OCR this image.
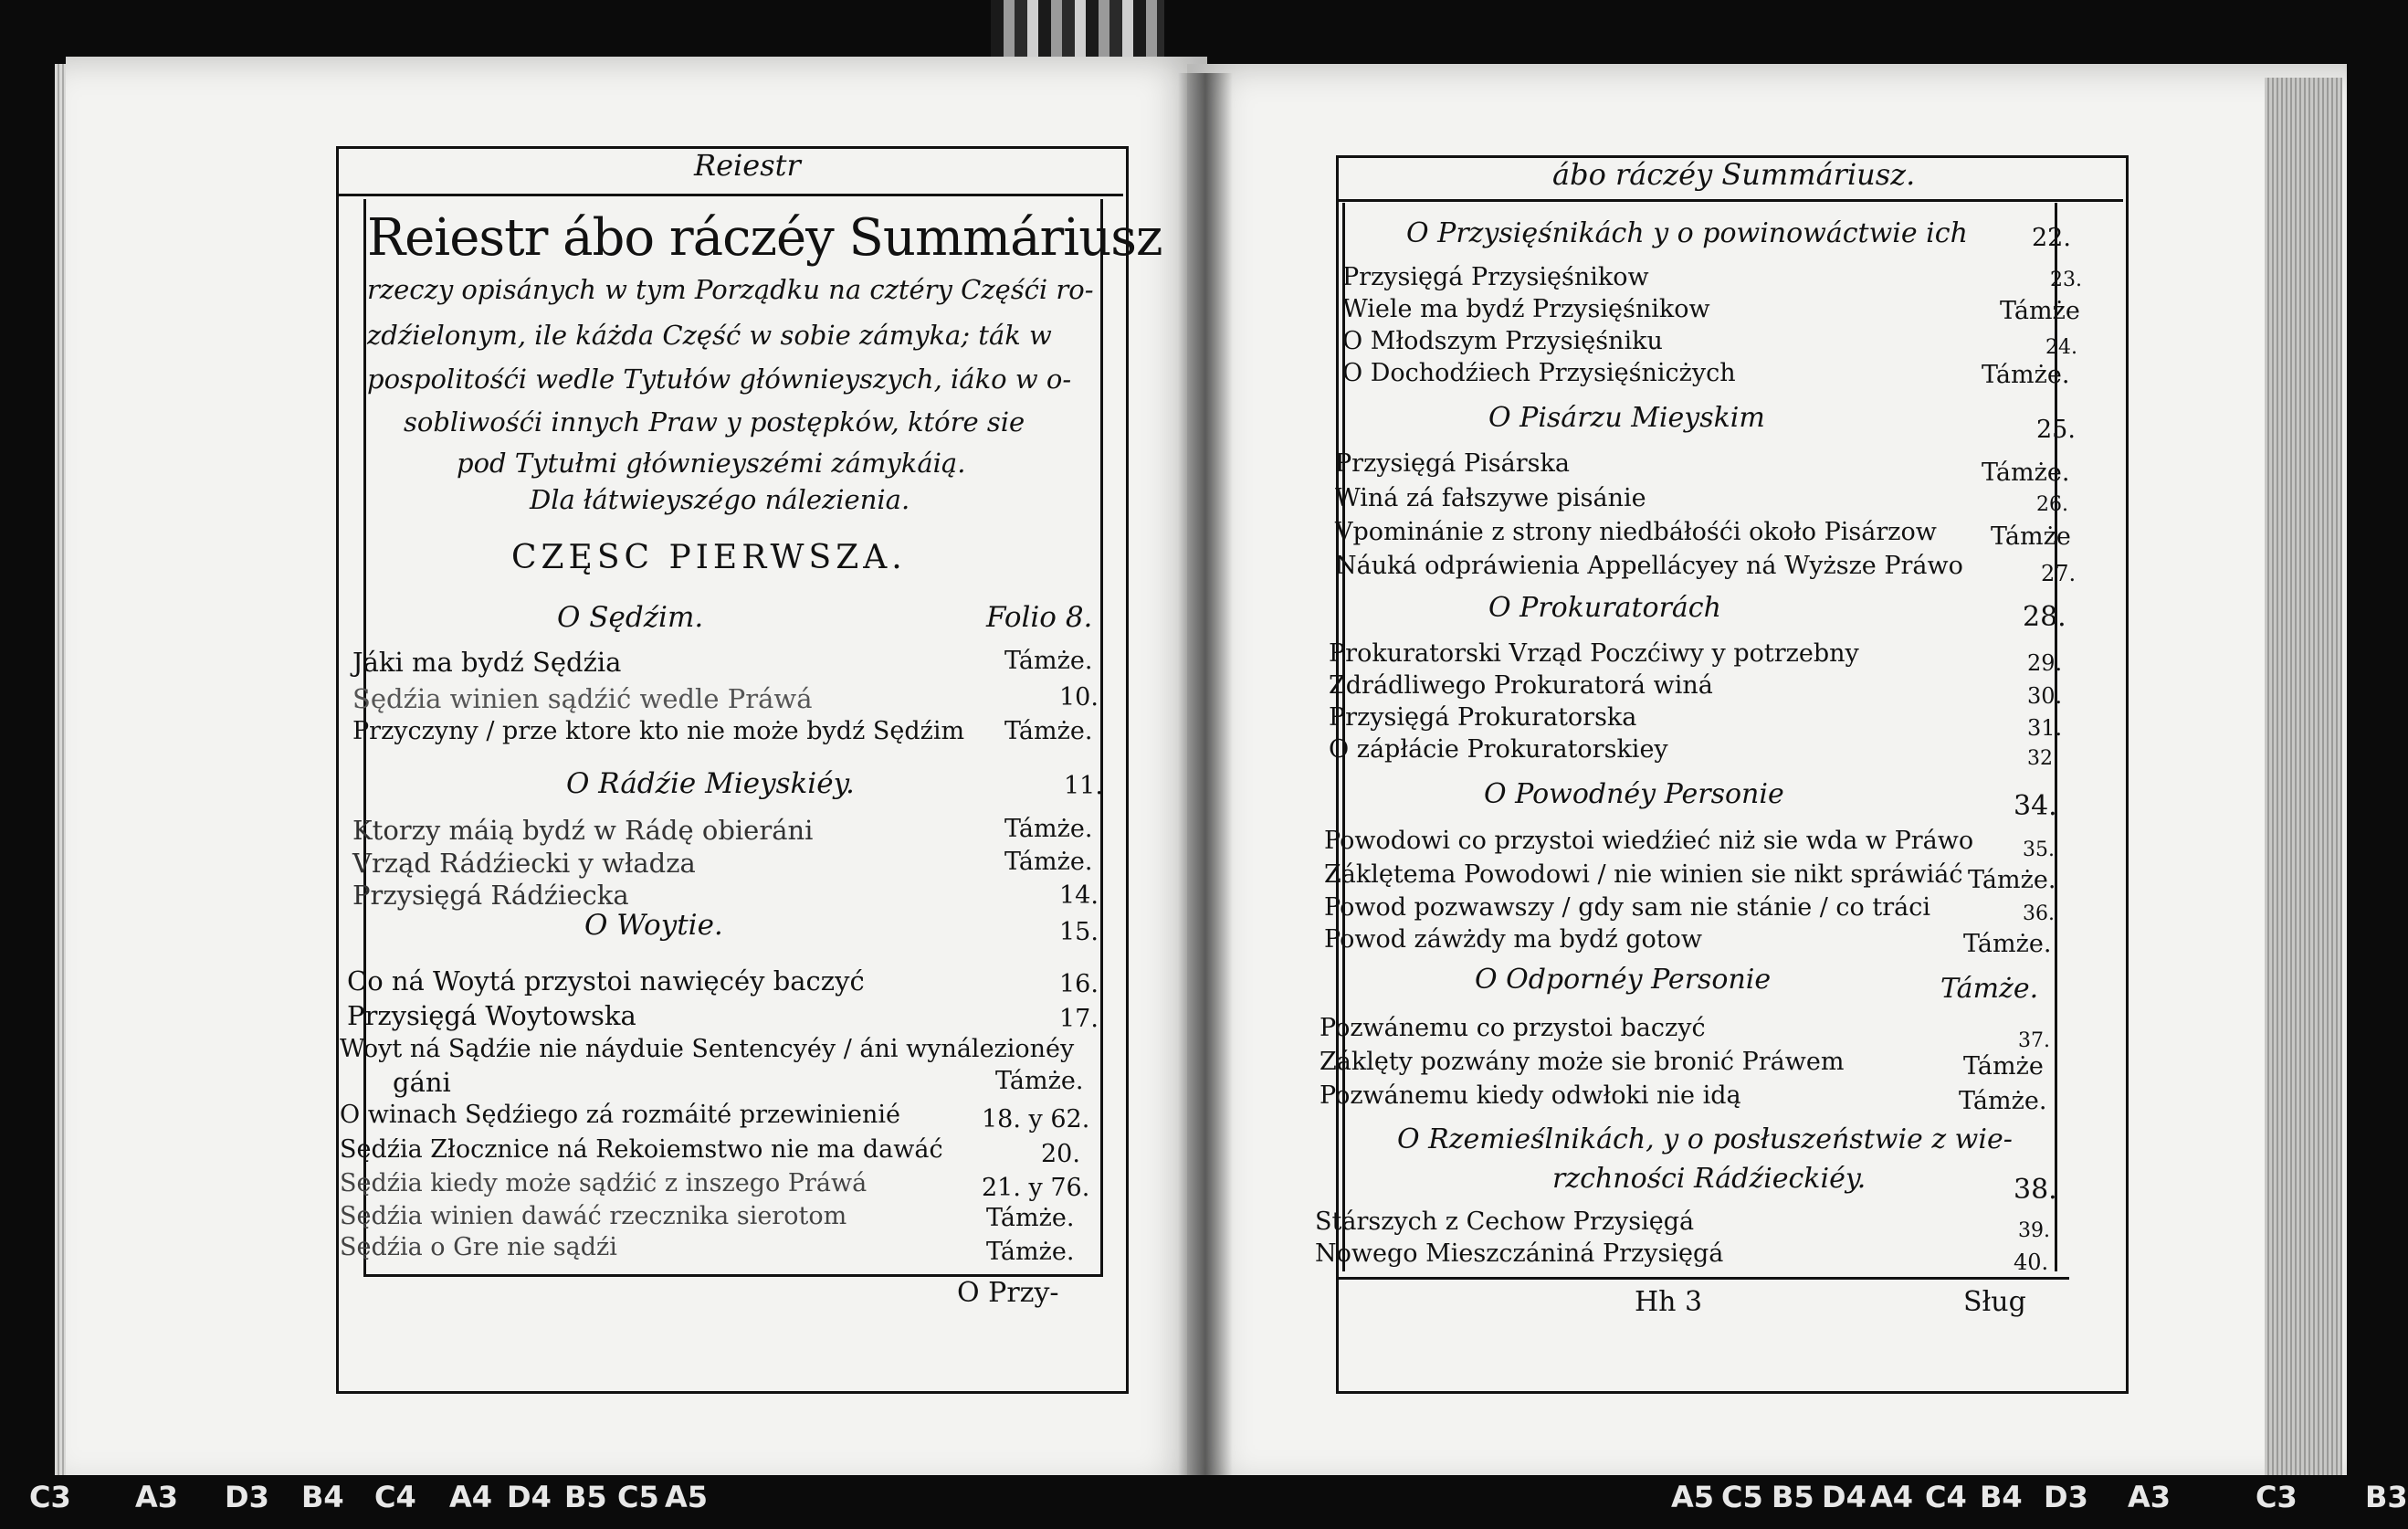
Reiestr
Reiestr ábo ráczéy Summáriusz
rzeczy opisánych w tym Porządku na cztéry Częśći ro-
zdźielonym, ile káżda Część w sobie zámyka; ták w
pospolitośći wedle Tytułów głównieyszych, iáko w o-
sobliwośći innych Praw y postępków, które sie
pod Tytułmi głównieyszémi zámykáią.
Dla łátwieyszégo nálezienia.
CZĘSC PIERWSZA.
O Sędźim.	Folio 8.
Jáki ma bydź Sędźia	Támże.
Sędźia winien sądźić wedle Práwá	10.
Przyczyny / prze ktore kto nie może bydź Sędźim Támże.
O Rádźie Mieyskiéy.	11.
Ktorzy máią bydź w Rádę obieráni	Támże.
Vrząd Rádźiecki y władza	Támże.
Przysięgá Rádźiecka	14.
O Woytie.	15.
Co ná Woytá przystoi nawięcéy baczyć	16.
Przysięgá Woytowska	17.
Woyt ná Sądźie nie náyduie Sentencyéy / áni wynálezionéy
gáni	Támże.
O winach Sędźiego zá rozmáité przewinienié	18. y 62.
Sędźia Złocznice ná Rekoiemstwo nie ma dawáć	20.
Sędźia kiedy może sądźić z inszego Práwá	21. y 76.
Sędźia winien dawáć rzecznika sierotom	Támże.
Sędźia o Gre nie sądźi	Támże.
O Przy-
ábo ráczéy Summáriusz.
O Przysięśnikách y o powinowáctwie ich	22.
Przysięgá Przysięśnikow	23.
Wiele ma bydź Przysięśnikow	Támże
O Młodszym Przysięśniku	24.
O Dochodźiech Przysięśnicżych	Támże.
O Pisárzu Mieyskim	25.
Przysięgá Pisárska	Támże.
Winá zá fałszywe pisánie	26.
Vpominánie z strony niedbáłośći około Pisárzow Támże
Náuká odpráwienia Appellácyey ná Wyższe Práwo	27.
O Prokuratorách	28.
Prokuratorski Vrząd Poczćiwy y potrzebny	29.
Zdrádliwego Prokuratorá winá	30.
Przysięgá Prokuratorska	31.
O zápłácie Prokuratorskiey	32.
O Powodnéy Personie	34.
Powodowi co przystoi wiedźieć niż sie wda w Práwo 35.
Záklętema Powodowi / nie winien sie nikt spráwiáć Támże.
Powod pozwawszy / gdy sam nie stánie / co tráci	36.
Powod záwżdy ma bydź gotow	Támże.
O Odpornéy Personie	Támże.
Pozwánemu co przystoi baczyć	37.
Záklęty pozwány może sie bronić Práwem	Támże
Pozwánemu kiedy odwłoki nie idą	Támże.
O Rzemieślnikách, y o posłuszeństwie z wie-
rzchności Rádźieckiéy.	38.
Stárszych z Cechow Przysięgá	39.
Nowego Mieszczániná Przysięgá	40.
Hh 3	Sług
C3 A3 D3 B4 C4 A4 D4 B5 C5 A5	A5 C5 B5 D4 A4 C4 B4 D3 A3	C3 B3
